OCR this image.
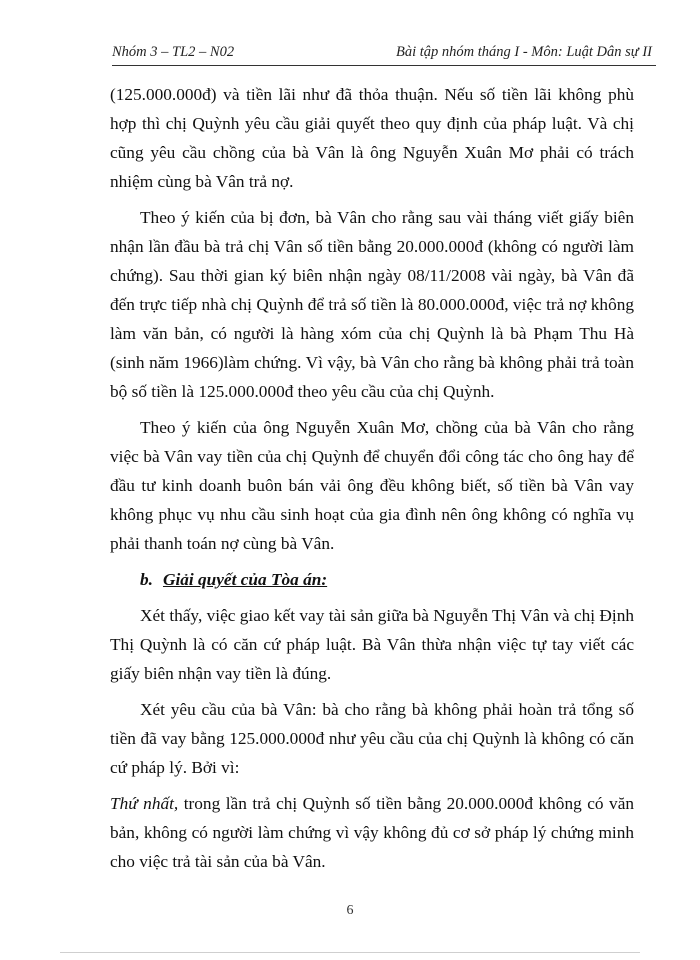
Nhóm 3 – TL2 – N02	Bài tập nhóm tháng I - Môn: Luật Dân sự II

(125.000.000đ) và tiền lãi như đã thỏa thuận. Nếu số tiền lãi không phù hợp thì chị Quỳnh yêu cầu giải quyết theo quy định của pháp luật. Và chị cũng yêu cầu chồng của bà Vân là ông Nguyễn Xuân Mơ phải có trách nhiệm cùng bà Vân trả nợ.

Theo ý kiến của bị đơn, bà Vân cho rằng sau vài tháng viết giấy biên nhận lần đầu bà trả chị Vân số tiền bằng 20.000.000đ (không có người làm chứng). Sau thời gian ký biên nhận ngày 08/11/2008 vài ngày, bà Vân đã đến trực tiếp nhà chị Quỳnh để trả số tiền là 80.000.000đ, việc trả nợ không làm văn bản, có người là hàng xóm của chị Quỳnh là bà Phạm Thu Hà (sinh năm 1966)làm chứng. Vì vậy, bà Vân cho rằng bà không phải trả toàn bộ số tiền là 125.000.000đ theo yêu cầu của chị Quỳnh.

Theo ý kiến của ông Nguyễn Xuân Mơ, chồng của bà Vân cho rằng việc bà Vân vay tiền của chị Quỳnh để chuyển đổi công tác cho ông hay để đầu tư kinh doanh buôn bán vải ông đều không biết, số tiền bà Vân vay không phục vụ nhu cầu sinh hoạt của gia đình nên ông không có nghĩa vụ phải thanh toán nợ cùng bà Vân.

b. Giải quyết của Tòa án:

Xét thấy, việc giao kết vay tài sản giữa bà Nguyễn Thị Vân và chị Định Thị Quỳnh là có căn cứ pháp luật. Bà Vân thừa nhận việc tự tay viết các giấy biên nhận vay tiền là đúng.

Xét yêu cầu của bà Vân: bà cho rằng bà không phải hoàn trả tổng số tiền đã vay bằng 125.000.000đ như yêu cầu của chị Quỳnh là không có căn cứ pháp lý. Bởi vì:

Thứ nhất, trong lần trả chị Quỳnh số tiền bằng 20.000.000đ không có văn bản, không có người làm chứng vì vậy không đủ cơ sở pháp lý chứng minh cho việc trả tài sản của bà Vân.

6
